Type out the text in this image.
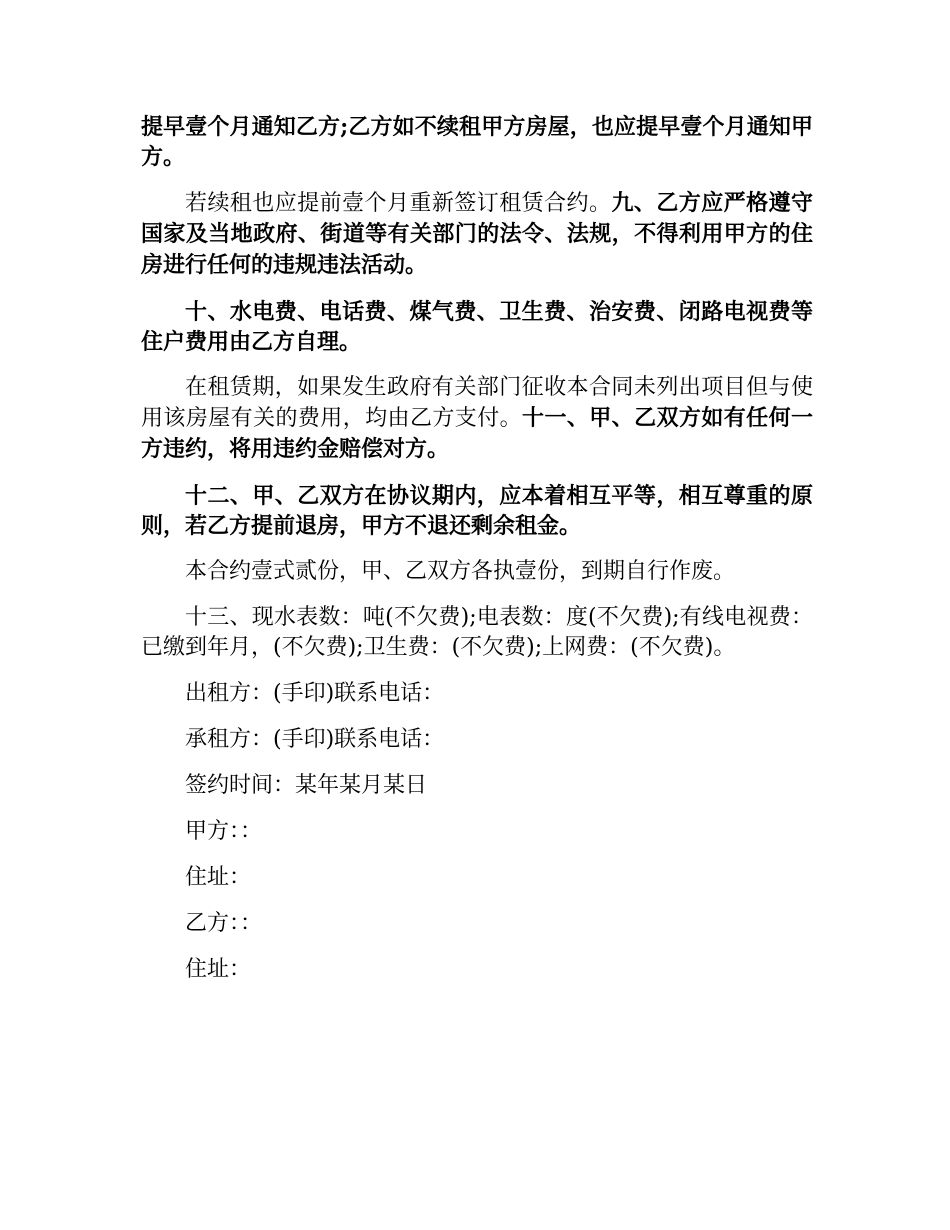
提早壹个月通知乙方;乙方如不续租甲方房屋，也应提早壹个月通知甲方。

若续租也应提前壹个月重新签订租赁合约。九、乙方应严格遵守国家及当地政府、街道等有关部门的法令、法规，不得利用甲方的住房进行任何的违规违法活动。

十、水电费、电话费、煤气费、卫生费、治安费、闭路电视费等住户费用由乙方自理。

在租赁期，如果发生政府有关部门征收本合同未列出项目但与使用该房屋有关的费用，均由乙方支付。十一、甲、乙双方如有任何一方违约，将用违约金赔偿对方。

十二、甲、乙双方在协议期内，应本着相互平等，相互尊重的原则，若乙方提前退房，甲方不退还剩余租金。

本合约壹式贰份，甲、乙双方各执壹份，到期自行作废。

十三、现水表数：吨(不欠费);电表数：度(不欠费);有线电视费：已缴到年月，(不欠费);卫生费：(不欠费);上网费：(不欠费)。

出租方：(手印)联系电话：

承租方：(手印)联系电话：

签约时间：某年某月某日

甲方：：

住址：

乙方：：

住址：
